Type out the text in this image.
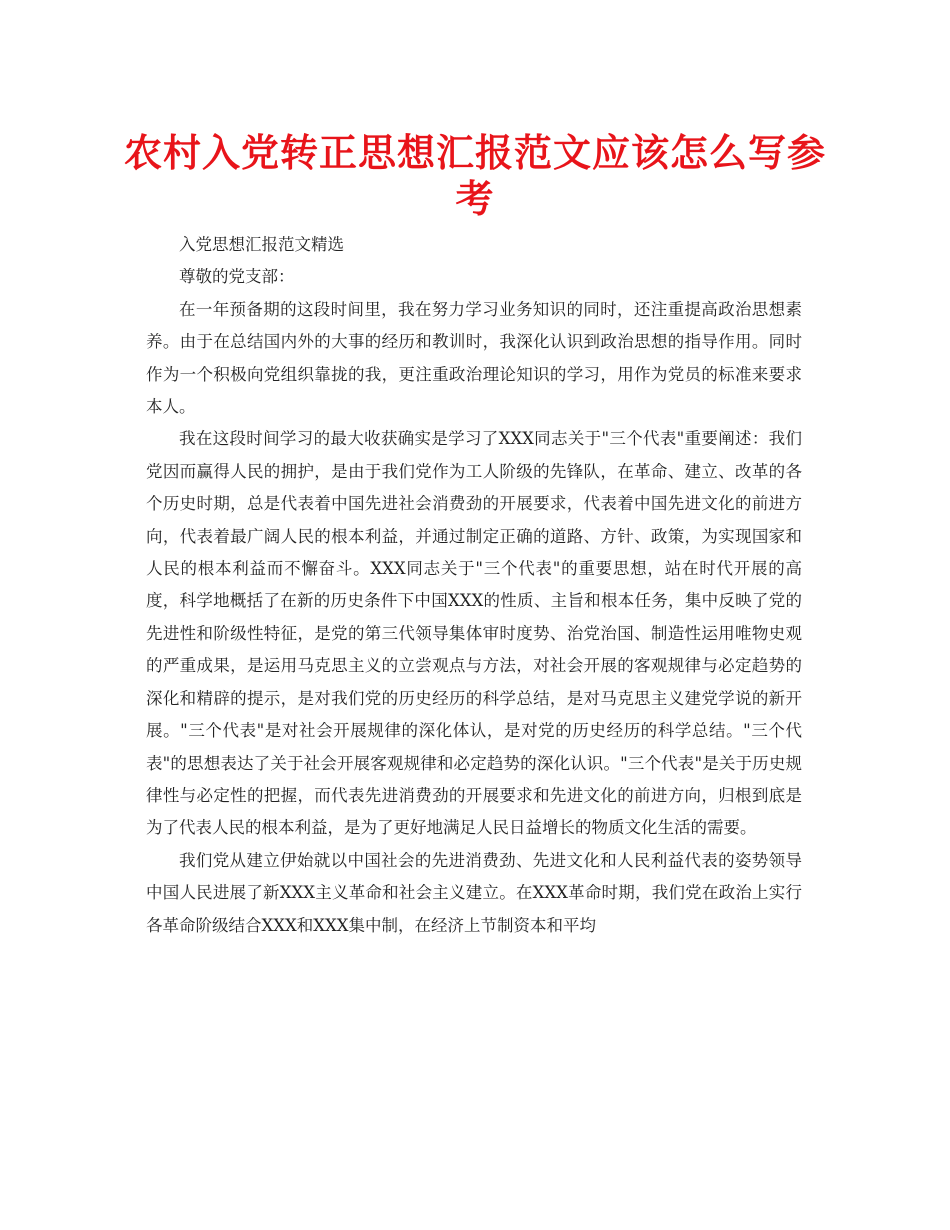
农村入党转正思想汇报范文应该怎么写参考

入党思想汇报范文精选

尊敬的党支部：

在一年预备期的这段时间里，我在努力学习业务知识的同时，还注重提高政治思想素养。由于在总结国内外的大事的经历和教训时，我深化认识到政治思想的指导作用。同时作为一个积极向党组织靠拢的我，更注重政治理论知识的学习，用作为党员的标准来要求本人。

我在这段时间学习的最大收获确实是学习了XXX同志关于"三个代表"重要阐述：我们党因而赢得人民的拥护，是由于我们党作为工人阶级的先锋队，在革命、建立、改革的各个历史时期，总是代表着中国先进社会消费劲的开展要求，代表着中国先进文化的前进方向，代表着最广阔人民的根本利益，并通过制定正确的道路、方针、政策，为实现国家和人民的根本利益而不懈奋斗。XXX同志关于"三个代表"的重要思想，站在时代开展的高度，科学地概括了在新的历史条件下中国XXX的性质、主旨和根本任务，集中反映了党的先进性和阶级性特征，是党的第三代领导集体审时度势、治党治国、制造性运用唯物史观的严重成果，是运用马克思主义的立尝观点与方法，对社会开展的客观规律与必定趋势的深化和精辟的提示，是对我们党的历史经历的科学总结，是对马克思主义建党学说的新开展。"三个代表"是对社会开展规律的深化体认，是对党的历史经历的科学总结。"三个代表"的思想表达了关于社会开展客观规律和必定趋势的深化认识。"三个代表"是关于历史规律性与必定性的把握，而代表先进消费劲的开展要求和先进文化的前进方向，归根到底是为了代表人民的根本利益，是为了更好地满足人民日益增长的物质文化生活的需要。

我们党从建立伊始就以中国社会的先进消费劲、先进文化和人民利益代表的姿势领导中国人民进展了新XXX主义革命和社会主义建立。在XXX革命时期，我们党在政治上实行各革命阶级结合XXX和XXX集中制，在经济上节制资本和平均
